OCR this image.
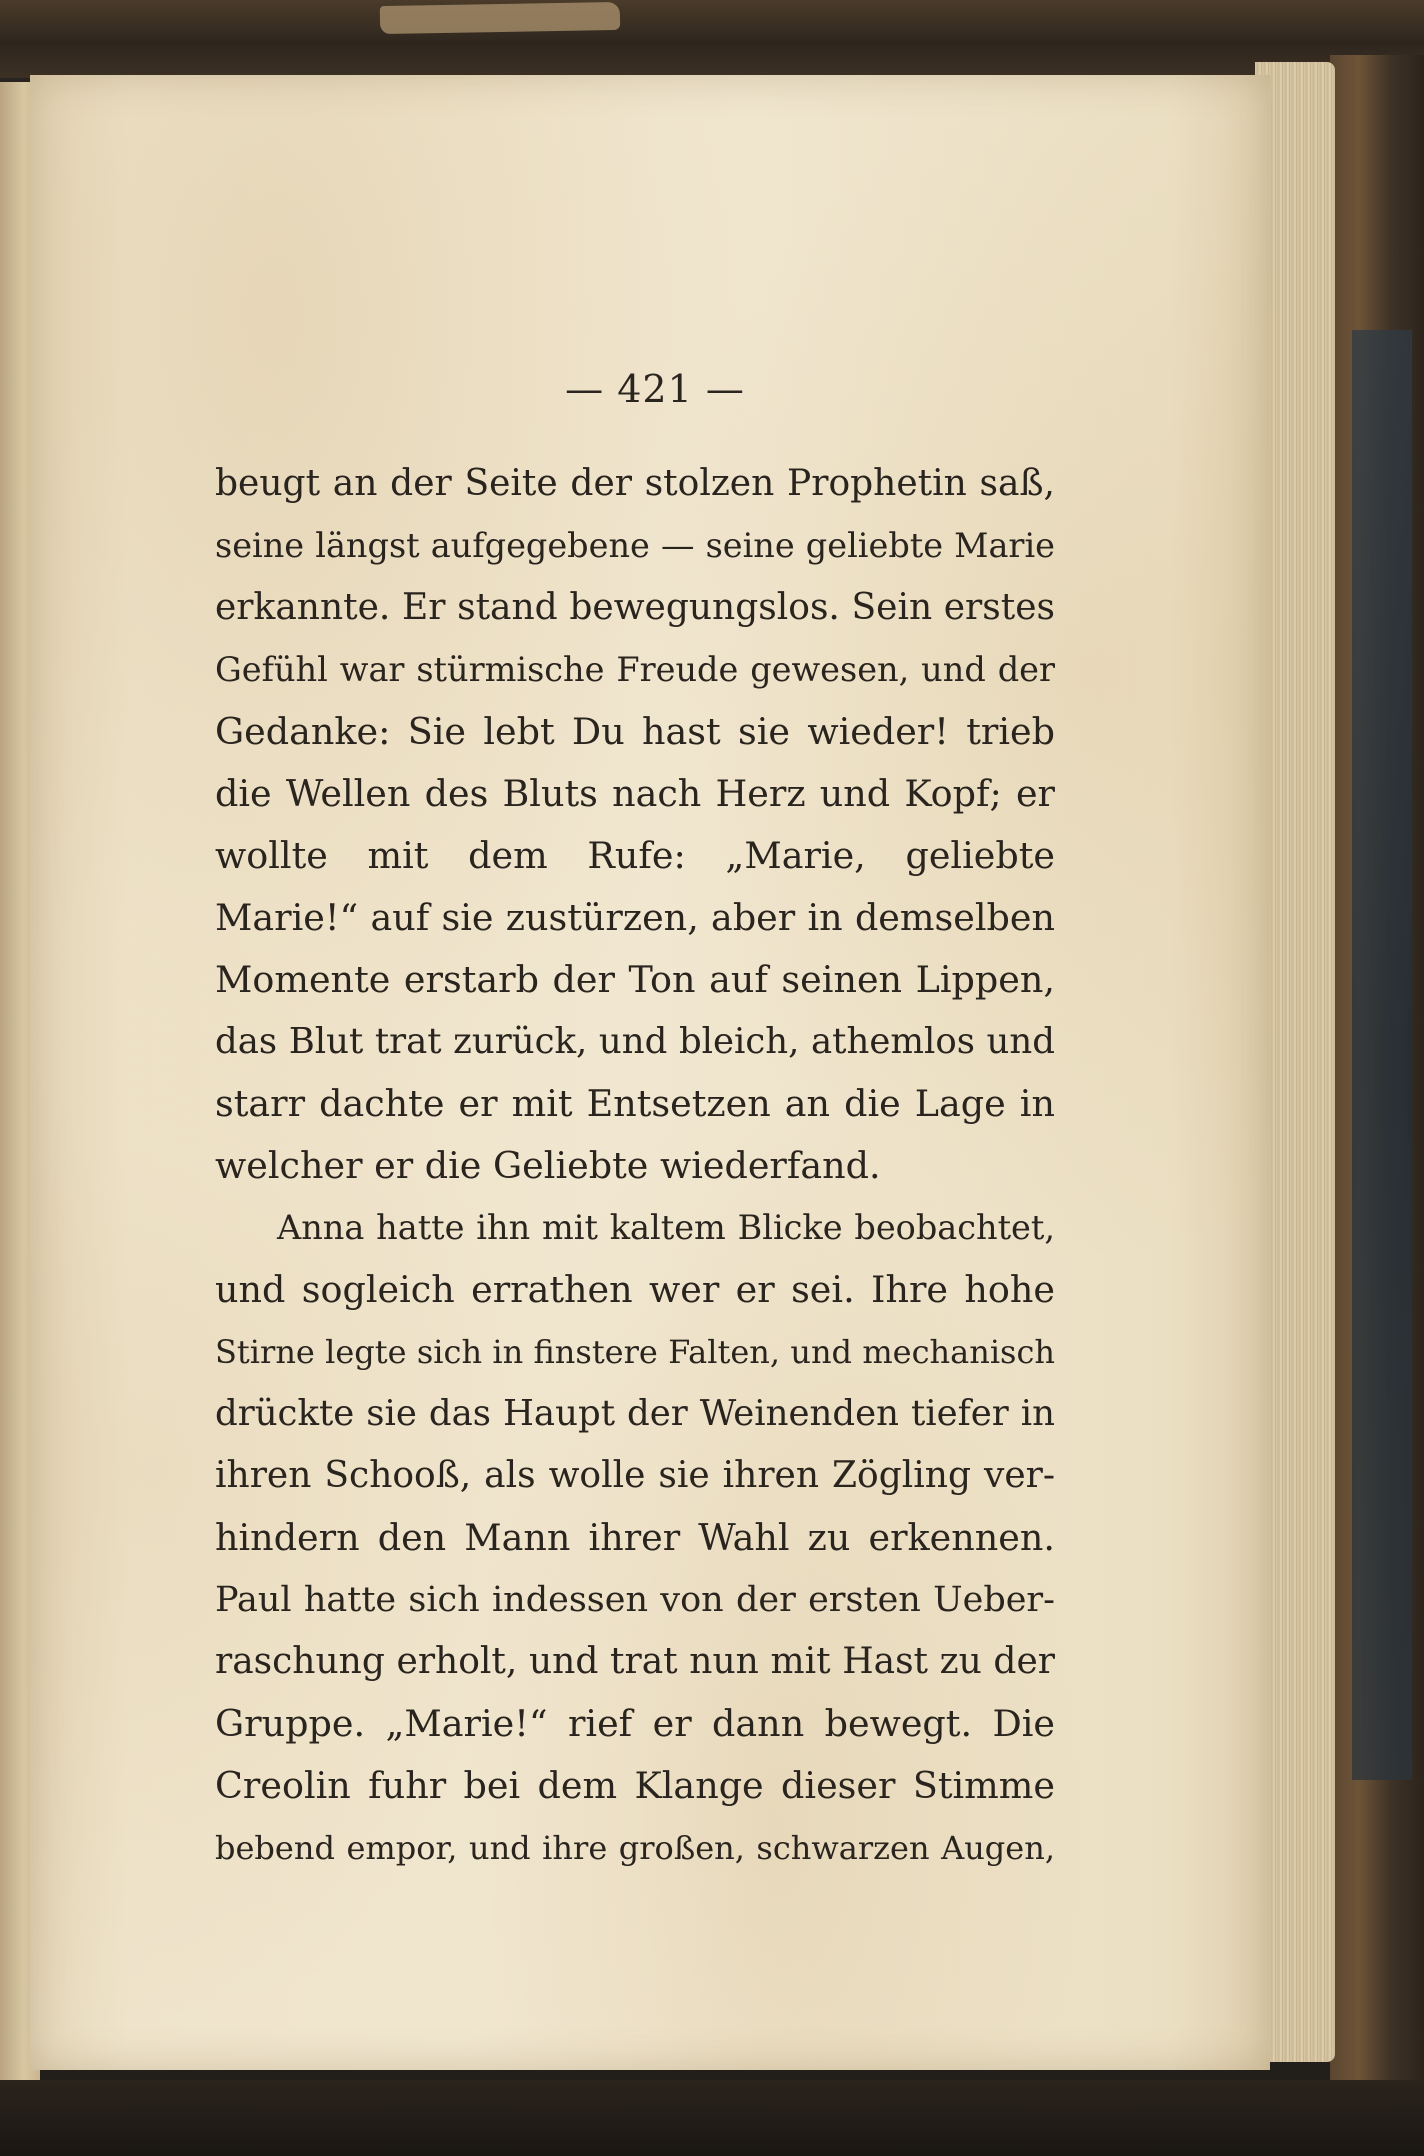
— 421 —
beugt an der Seite der stolzen Prophetin saß,
seine längst aufgegebene — seine geliebte Marie
erkannte. Er stand bewegungslos. Sein erstes
Gefühl war stürmische Freude gewesen, und der
Gedanke: Sie lebt Du hast sie wieder! trieb
die Wellen des Bluts nach Herz und Kopf; er
wollte mit dem Rufe: „Marie, geliebte
Marie!“ auf sie zustürzen, aber in demselben
Momente erstarb der Ton auf seinen Lippen,
das Blut trat zurück, und bleich, athemlos und
starr dachte er mit Entsetzen an die Lage in
welcher er die Geliebte wiederfand.
Anna hatte ihn mit kaltem Blicke beobachtet,
und sogleich errathen wer er sei. Ihre hohe
Stirne legte sich in finstere Falten, und mechanisch
drückte sie das Haupt der Weinenden tiefer in
ihren Schooß, als wolle sie ihren Zögling ver-
hindern den Mann ihrer Wahl zu erkennen.
Paul hatte sich indessen von der ersten Ueber-
raschung erholt, und trat nun mit Hast zu der
Gruppe. „Marie!“ rief er dann bewegt. Die
Creolin fuhr bei dem Klange dieser Stimme
bebend empor, und ihre großen, schwarzen Augen,
